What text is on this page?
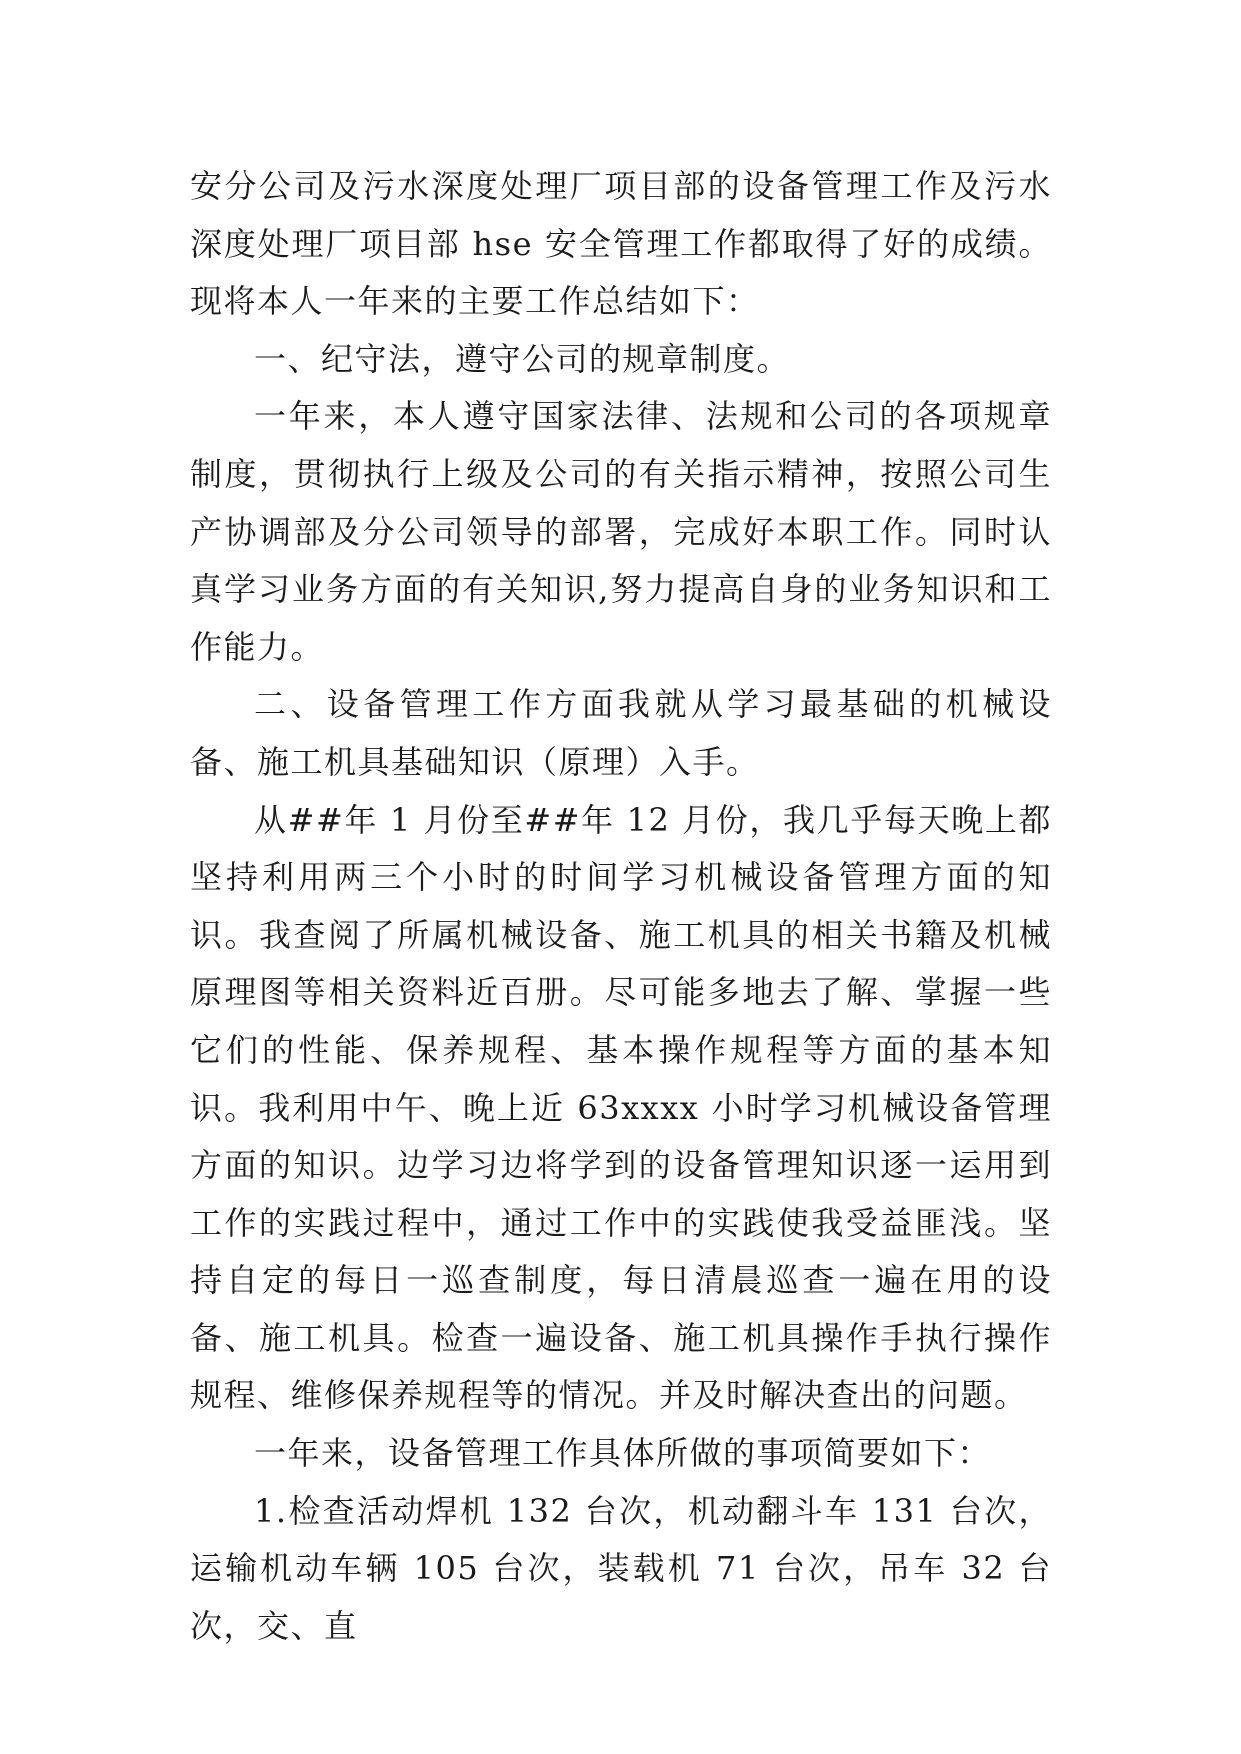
安分公司及污水深度处理厂项目部的设备管理工作及污水深度处理厂项目部 hse 安全管理工作都取得了好的成绩。现将本人一年来的主要工作总结如下：

一、纪守法，遵守公司的规章制度。

一年来，本人遵守国家法律、法规和公司的各项规章制度，贯彻执行上级及公司的有关指示精神，按照公司生产协调部及分公司领导的部署，完成好本职工作。同时认真学习业务方面的有关知识,努力提高自身的业务知识和工作能力。

二、设备管理工作方面我就从学习最基础的机械设备、施工机具基础知识（原理）入手。

从##年 1 月份至##年 12 月份，我几乎每天晚上都坚持利用两三个小时的时间学习机械设备管理方面的知识。我查阅了所属机械设备、施工机具的相关书籍及机械原理图等相关资料近百册。尽可能多地去了解、掌握一些它们的性能、保养规程、基本操作规程等方面的基本知识。我利用中午、晚上近 63xxxx 小时学习机械设备管理方面的知识。边学习边将学到的设备管理知识逐一运用到工作的实践过程中，通过工作中的实践使我受益匪浅。坚持自定的每日一巡查制度，每日清晨巡查一遍在用的设备、施工机具。检查一遍设备、施工机具操作手执行操作规程、维修保养规程等的情况。并及时解决查出的问题。

一年来，设备管理工作具体所做的事项简要如下：

1.检查活动焊机 132 台次，机动翻斗车 131 台次，运输机动车辆 105 台次，装载机 71 台次，吊车 32 台次，交、直
